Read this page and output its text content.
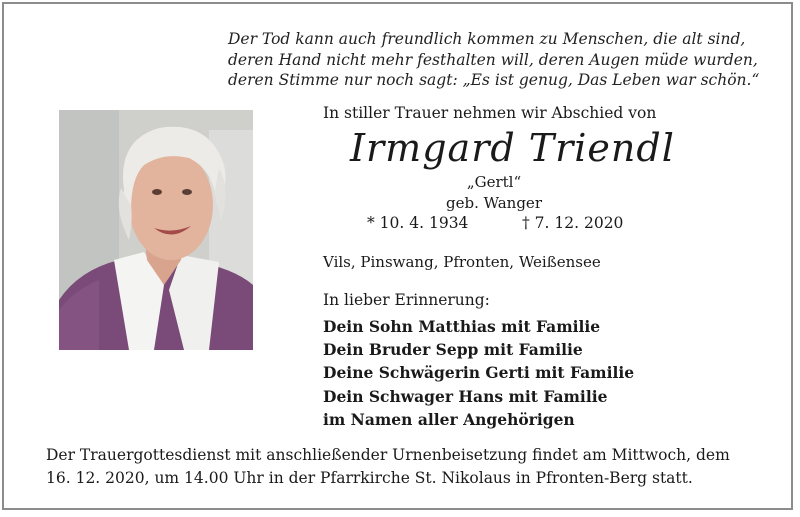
Der Tod kann auch freundlich kommen zu Menschen, die alt sind,
deren Hand nicht mehr festhalten will, deren Augen müde wurden,
deren Stimme nur noch sagt: „Es ist genug, Das Leben war schön.“
In stiller Trauer nehmen wir Abschied von
Irmgard Triendl
„Gertl“
geb. Wanger
* 10. 4. 1934	† 7. 12. 2020
Vils, Pinswang, Pfronten, Weißensee
In lieber Erinnerung:
Dein Sohn Matthias mit Familie
Dein Bruder Sepp mit Familie
Deine Schwägerin Gerti mit Familie
Dein Schwager Hans mit Familie
im Namen aller Angehörigen
Der Trauergottesdienst mit anschließender Urnenbeisetzung findet am Mittwoch, dem
16. 12. 2020, um 14.00 Uhr in der Pfarrkirche St. Nikolaus in Pfronten-Berg statt.
